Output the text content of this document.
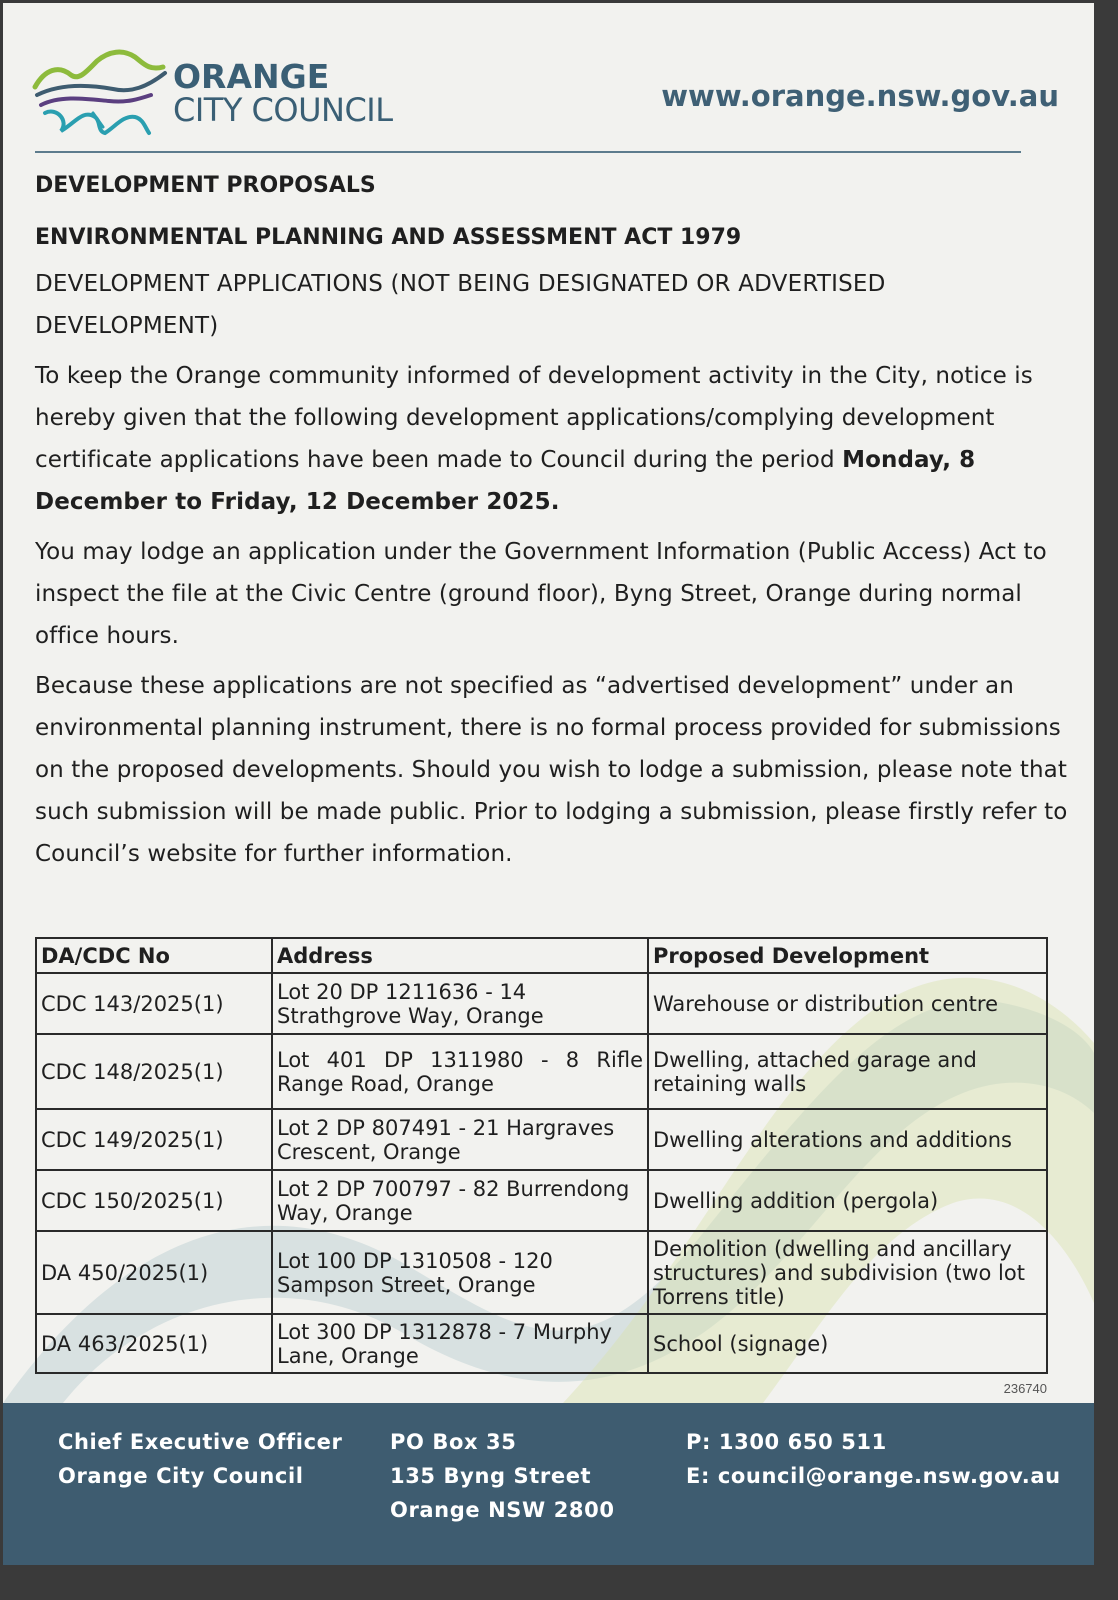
ORANGE
CITY COUNCIL	www.orange.nsw.gov.au
DEVELOPMENT PROPOSALS
ENVIRONMENTAL PLANNING AND ASSESSMENT ACT 1979
DEVELOPMENT APPLICATIONS (NOT BEING DESIGNATED OR ADVERTISED DEVELOPMENT)
To keep the Orange community informed of development activity in the City, notice is hereby given that the following development applications/complying development certificate applications have been made to Council during the period Monday, 8 December to Friday, 12 December 2025.
You may lodge an application under the Government Information (Public Access) Act to inspect the file at the Civic Centre (ground floor), Byng Street, Orange during normal office hours.
Because these applications are not specified as “advertised development” under an environmental planning instrument, there is no formal process provided for submissions on the proposed developments. Should you wish to lodge a submission, please note that such submission will be made public. Prior to lodging a submission, please firstly refer to Council’s website for further information.
DA/CDC No	Address	Proposed Development
CDC 143/2025(1)	Lot 20 DP 1211636 - 14 Strathgrove Way, Orange	Warehouse or distribution centre
CDC 148/2025(1)	Lot 401 DP 1311980 - 8 Rifle Range Road, Orange	Dwelling, attached garage and retaining walls
CDC 149/2025(1)	Lot 2 DP 807491 - 21 Hargraves Crescent, Orange	Dwelling alterations and additions
CDC 150/2025(1)	Lot 2 DP 700797 - 82 Burrendong Way, Orange	Dwelling addition (pergola)
DA 450/2025(1)	Lot 100 DP 1310508 - 120 Sampson Street, Orange	Demolition (dwelling and ancillary structures) and subdivision (two lot Torrens title)
DA 463/2025(1)	Lot 300 DP 1312878 - 7 Murphy Lane, Orange	School (signage)
236740
Chief Executive Officer
Orange City Council
PO Box 35
135 Byng Street
Orange NSW 2800
P: 1300 650 511
E: council@orange.nsw.gov.au
